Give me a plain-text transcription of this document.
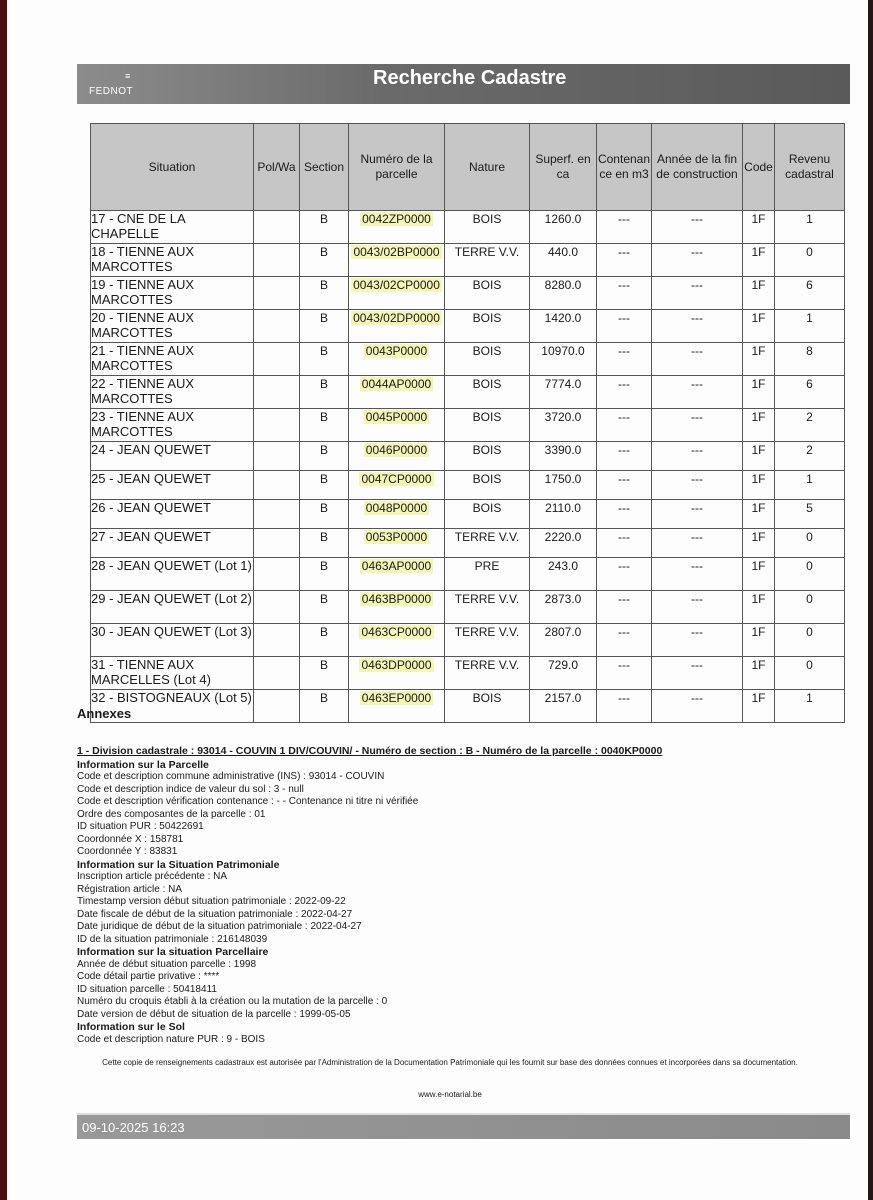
≡
FEDNOT
Recherche Cadastre
Situation	Pol/Wa	Section	Numéro de la parcelle	Nature	Superf. en ca	Contenan ce en m3	Année de la fin de construction	Code	Revenu cadastral
17 - CNE DE LA CHAPELLE		B	0042ZP0000	BOIS	1260.0	---	---	1F	1
18 - TIENNE AUX MARCOTTES		B	0043/02BP0000	TERRE V.V.	440.0	---	---	1F	0
19 - TIENNE AUX MARCOTTES		B	0043/02CP0000	BOIS	8280.0	---	---	1F	6
20 - TIENNE AUX MARCOTTES		B	0043/02DP0000	BOIS	1420.0	---	---	1F	1
21 - TIENNE AUX MARCOTTES		B	0043P0000	BOIS	10970.0	---	---	1F	8
22 - TIENNE AUX MARCOTTES		B	0044AP0000	BOIS	7774.0	---	---	1F	6
23 - TIENNE AUX MARCOTTES		B	0045P0000	BOIS	3720.0	---	---	1F	2
24 - JEAN QUEWET		B	0046P0000	BOIS	3390.0	---	---	1F	2
25 - JEAN QUEWET		B	0047CP0000	BOIS	1750.0	---	---	1F	1
26 - JEAN QUEWET		B	0048P0000	BOIS	2110.0	---	---	1F	5
27 - JEAN QUEWET		B	0053P0000	TERRE V.V.	2220.0	---	---	1F	0
28 - JEAN QUEWET (Lot 1)		B	0463AP0000	PRE	243.0	---	---	1F	0
29 - JEAN QUEWET (Lot 2)		B	0463BP0000	TERRE V.V.	2873.0	---	---	1F	0
30 - JEAN QUEWET (Lot 3)		B	0463CP0000	TERRE V.V.	2807.0	---	---	1F	0
31 - TIENNE AUX MARCELLES (Lot 4)		B	0463DP0000	TERRE V.V.	729.0	---	---	1F	0
32 - BISTOGNEAUX (Lot 5)		B	0463EP0000	BOIS	2157.0	---	---	1F	1
Annexes
1 - Division cadastrale : 93014 - COUVIN 1 DIV/COUVIN/ - Numéro de section : B - Numéro de la parcelle : 0040KP0000
Information sur la Parcelle
Code et description commune administrative (INS) : 93014 - COUVIN
Code et description indice de valeur du sol : 3 - null
Code et description vérification contenance : - - Contenance ni titre ni vérifiée
Ordre des composantes de la parcelle : 01
ID situation PUR : 50422691
Coordonnée X : 158781
Coordonnée Y : 83831
Information sur la Situation Patrimoniale
Inscription article précédente : NA
Régistration article : NA
Timestamp version début situation patrimoniale : 2022-09-22
Date fiscale de début de la situation patrimoniale : 2022-04-27
Date juridique de début de la situation patrimoniale : 2022-04-27
ID de la situation patrimoniale : 216148039
Information sur la situation Parcellaire
Année de début situation parcelle : 1998
Code détail partie privative : ****
ID situation parcelle : 50418411
Numéro du croquis établi à la création ou la mutation de la parcelle : 0
Date version de début de situation de la parcelle : 1999-05-05
Information sur le Sol
Code et description nature PUR : 9 - BOIS
Cette copie de renseignements cadastraux est autorisée par l'Administration de la Documentation Patrimoniale qui les fournit sur base des données connues et incorporées dans sa documentation.
www.e-notarial.be
09-10-2025 16:23
